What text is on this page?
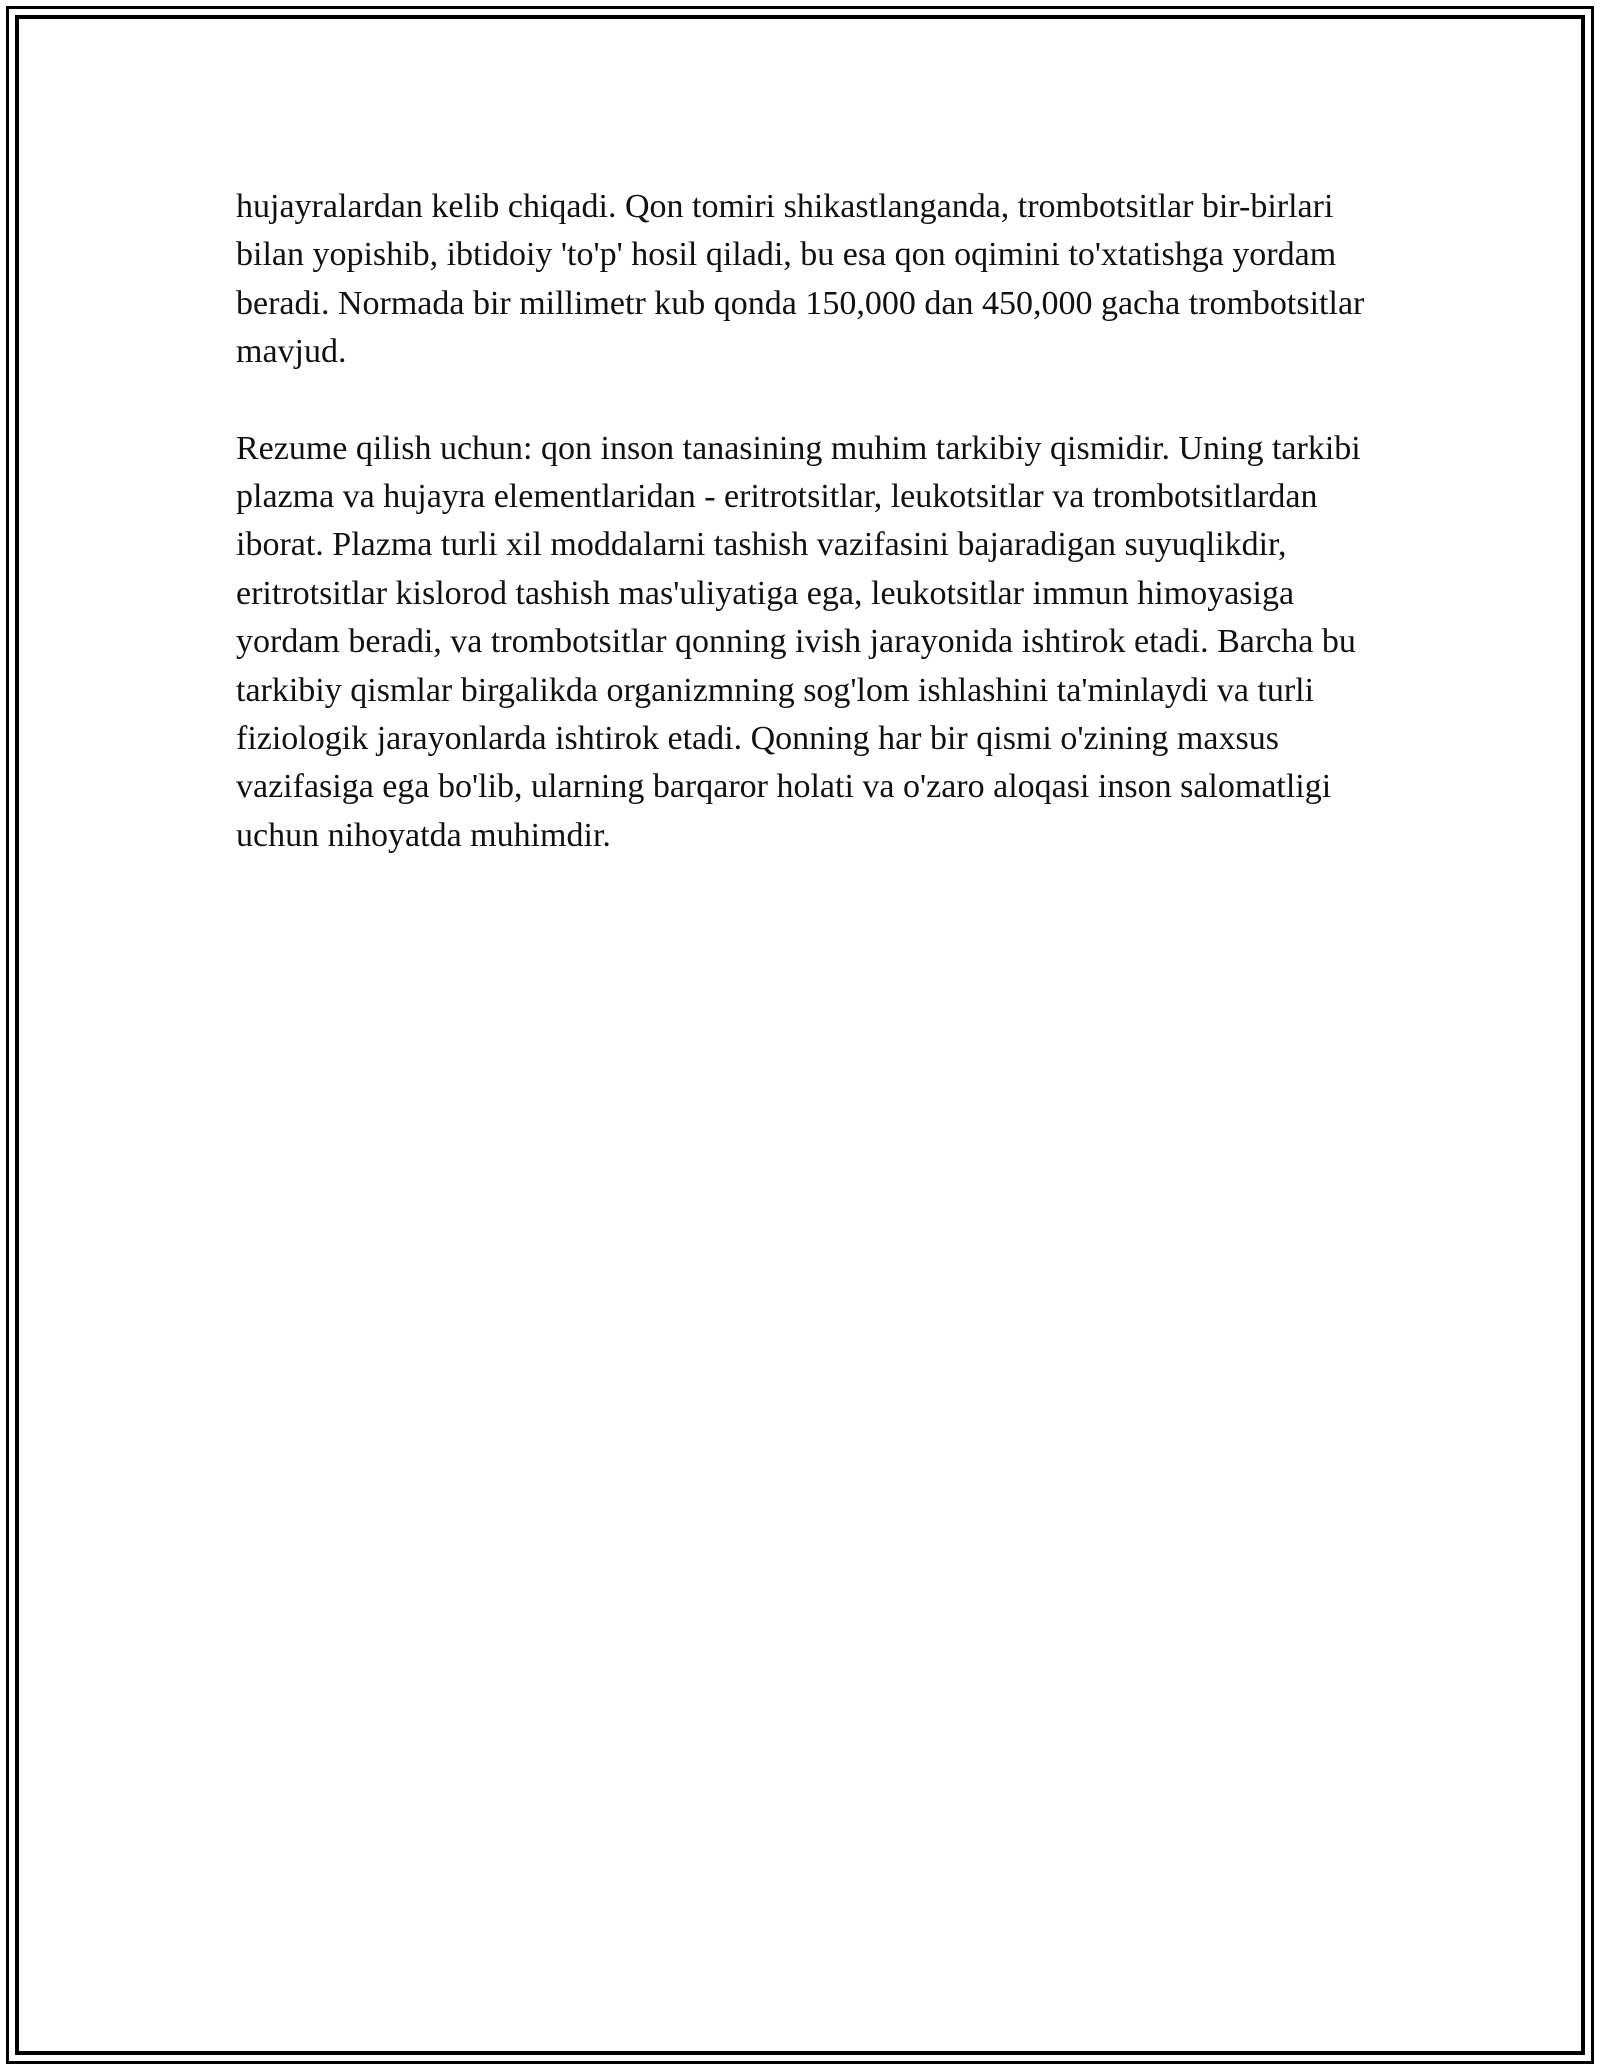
hujayralardan kelib chiqadi. Qon tomiri shikastlanganda, trombotsitlar bir-birlari bilan yopishib, ibtidoiy 'to'p' hosil qiladi, bu esa qon oqimini to'xtatishga yordam beradi. Normada bir millimetr kub qonda 150,000 dan 450,000 gacha trombotsitlar mavjud.

Rezume qilish uchun: qon inson tanasining muhim tarkibiy qismidir. Uning tarkibi plazma va hujayra elementlaridan - eritrotsitlar, leukotsitlar va trombotsitlardan iborat. Plazma turli xil moddalarni tashish vazifasini bajaradigan suyuqlikdir, eritrotsitlar kislorod tashish mas'uliyatiga ega, leukotsitlar immun himoyasiga yordam beradi, va trombotsitlar qonning ivish jarayonida ishtirok etadi. Barcha bu tarkibiy qismlar birgalikda organizmning sog'lom ishlashini ta'minlaydi va turli fiziologik jarayonlarda ishtirok etadi. Qonning har bir qismi o'zining maxsus vazifasiga ega bo'lib, ularning barqaror holati va o'zaro aloqasi inson salomatligi uchun nihoyatda muhimdir.
